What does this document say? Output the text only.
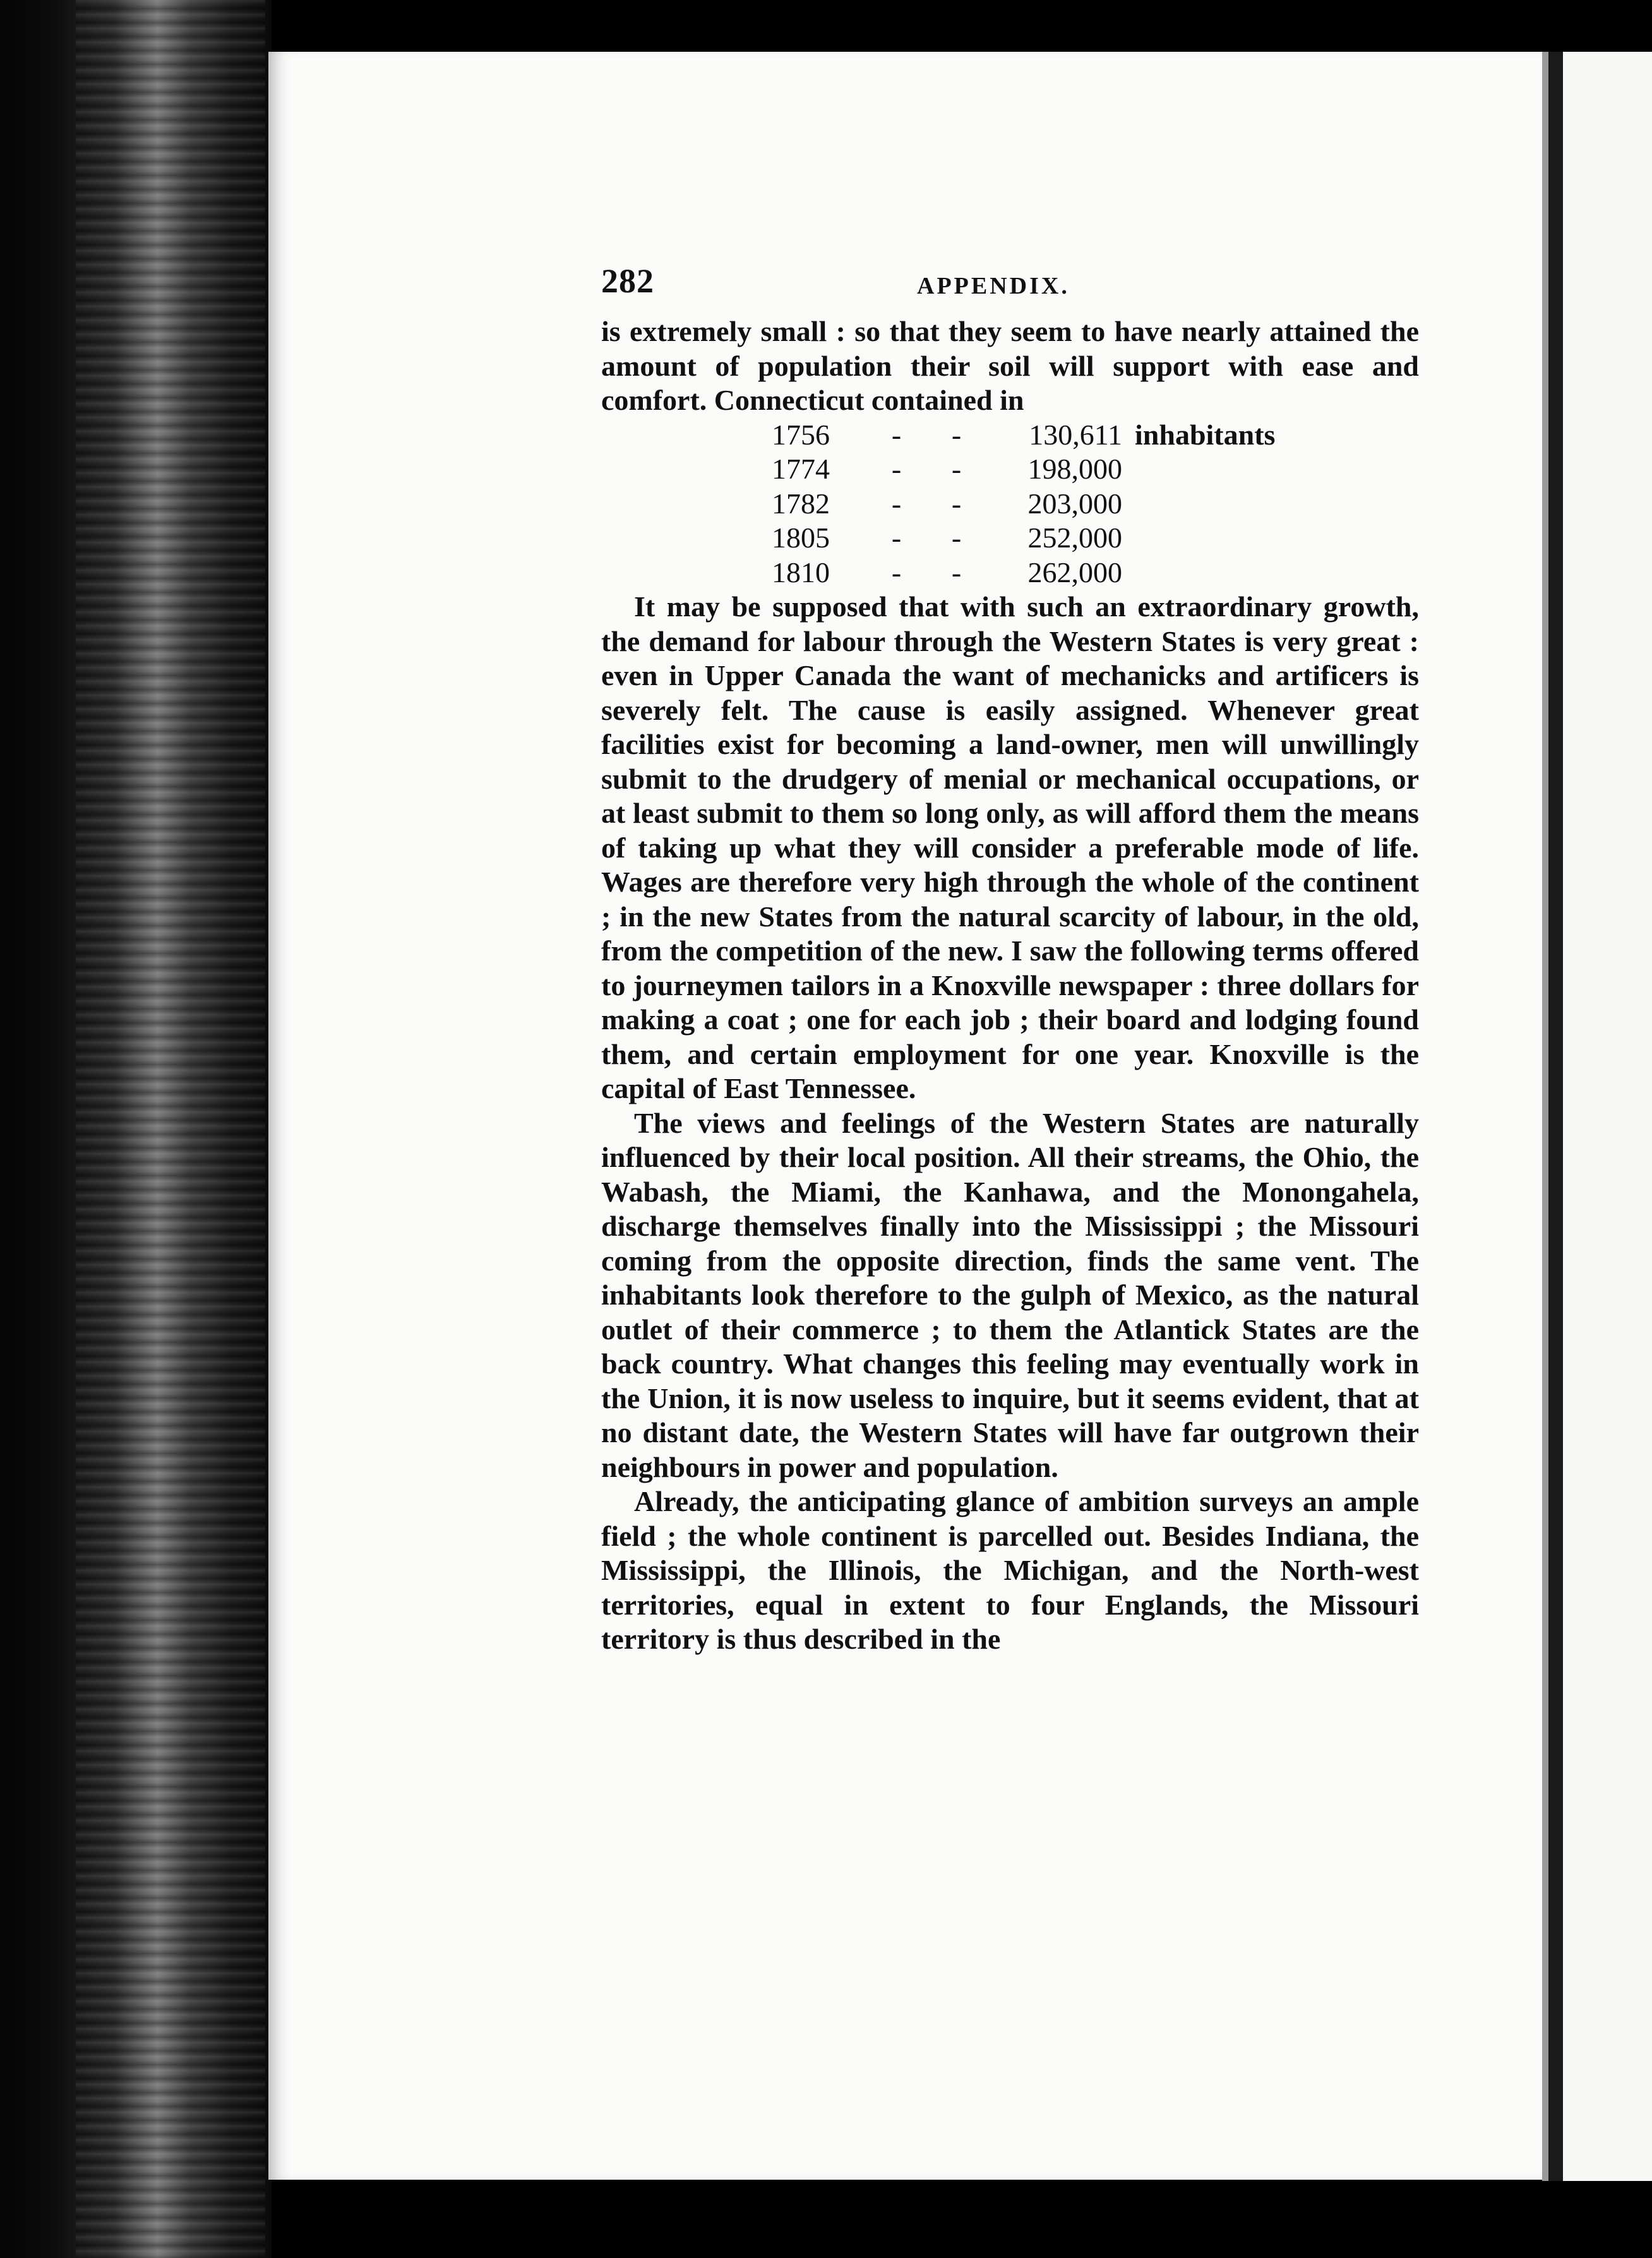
282	APPENDIX.

is extremely small : so that they seem to have nearly attained the amount of population their soil will support with ease and comfort. Connecticut contained in

1756	-	-	130,611	inhabitants
1774	-	-	198,000	
1782	-	-	203,000	
1805	-	-	252,000	
1810	-	-	262,000	

It may be supposed that with such an extraordinary growth, the demand for labour through the Western States is very great : even in Upper Canada the want of mechanicks and artificers is severely felt. The cause is easily assigned. Whenever great facilities exist for becoming a land-owner, men will unwillingly submit to the drudgery of menial or mechanical occupations, or at least submit to them so long only, as will afford them the means of taking up what they will consider a preferable mode of life. Wages are therefore very high through the whole of the continent ; in the new States from the natural scarcity of labour, in the old, from the competition of the new. I saw the following terms offered to journeymen tailors in a Knoxville newspaper : three dollars for making a coat ; one for each job ; their board and lodging found them, and certain employment for one year. Knoxville is the capital of East Tennessee.

The views and feelings of the Western States are naturally influenced by their local position. All their streams, the Ohio, the Wabash, the Miami, the Kanhawa, and the Monongahela, discharge themselves finally into the Mississippi ; the Missouri coming from the opposite direction, finds the same vent. The inhabitants look therefore to the gulph of Mexico, as the natural outlet of their commerce ; to them the Atlantick States are the back country. What changes this feeling may eventually work in the Union, it is now useless to inquire, but it seems evident, that at no distant date, the Western States will have far outgrown their neighbours in power and population.

Already, the anticipating glance of ambition surveys an ample field ; the whole continent is parcelled out. Besides Indiana, the Mississippi, the Illinois, the Michigan, and the North-west territories, equal in extent to four Englands, the Missouri territory is thus described in the
